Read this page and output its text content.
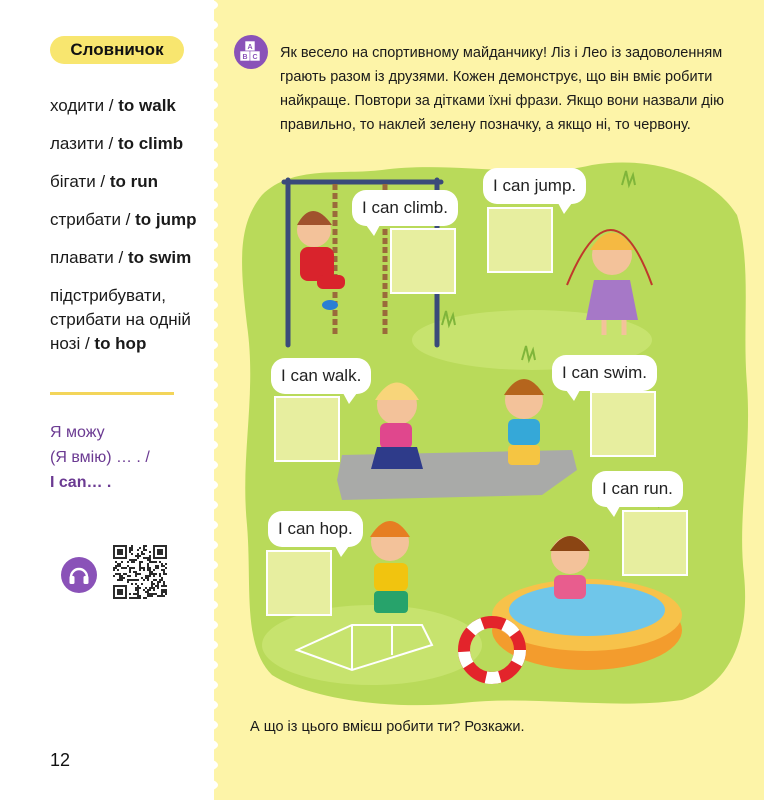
Словничок
ходити / to walk
лазити / to climb
бігати / to run
стрибати / to jump
плавати / to swim
підстрибувати, стрибати на одній нозі / to hop
Я можу
(Я вмію) … . /
I can… .
12
A
B C Як весело на спортивному майданчику! Ліз і Лео із задоволенням грають разом із друзями. Кожен демонструє, що він вміє робити найкраще. Повтори за дітками їхні фрази. Якщо вони назвали дію правильно, то наклей зелену позначку, а якщо ні, то червону.
I can climb.
I can jump.
I can walk.	I can swim.
I can run.
I can hop.
А що із цього вмієш робити ти? Розкажи.
